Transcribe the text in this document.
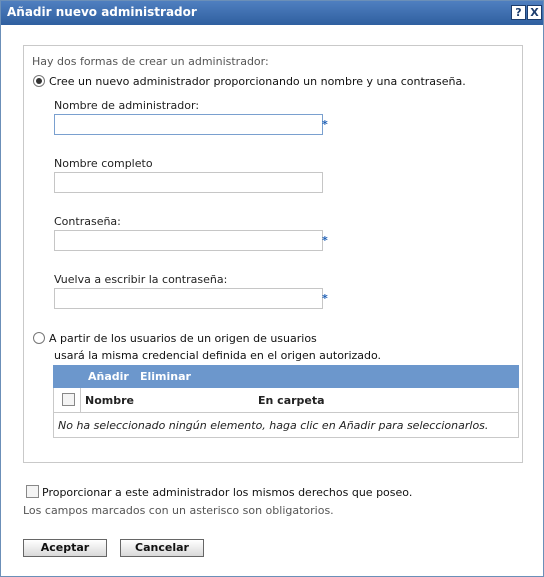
Añadir nuevo administrador	? X
Hay dos formas de crear un administrador:
Cree un nuevo administrador proporcionando un nombre y una contraseña.
Nombre de administrador:
*
Nombre completo
Contraseña:
*
Vuelva a escribir la contraseña:
*
A partir de los usuarios de un origen de usuarios
usará la misma credencial definida en el origen autorizado.
Añadir Eliminar
Nombre	En carpeta
No ha seleccionado ningún elemento, haga clic en Añadir para seleccionarlos.
Proporcionar a este administrador los mismos derechos que poseo.
Los campos marcados con un asterisco son obligatorios.
Aceptar	Cancelar
